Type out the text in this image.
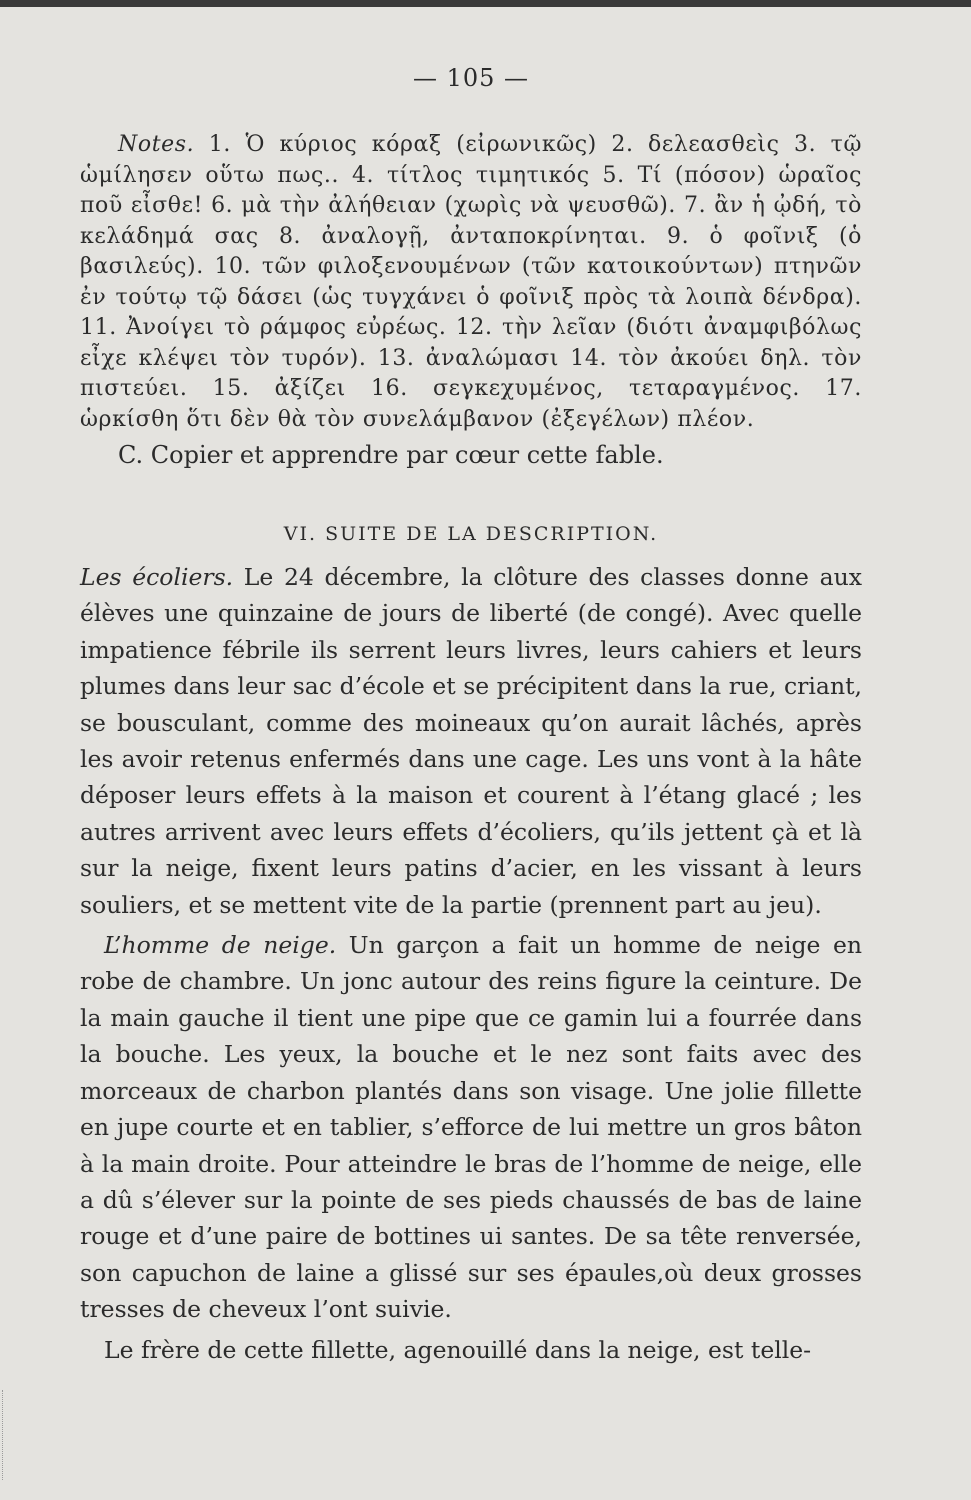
— 105 —

Notes. 1. Ὁ κύριος κόραξ (εἰρωνικῶς) 2. δελεασθεὶς 3. τῷ ὡμίλησεν οὕτω πως.. 4. τίτλος τιμητικός 5. Τί (πόσον) ὡραῖος ποῦ εἶσθε! 6. μὰ τὴν ἀλήθειαν (χωρὶς νὰ ψευσθῶ). 7. ἂν ἡ ᾠδή, τὸ κελάδημά σας 8. ἀναλογῇ, ἀνταποκρίνηται. 9. ὁ φοῖνιξ (ὁ βασιλεύς). 10. τῶν φιλοξενουμένων (τῶν κατοικούντων) πτηνῶν ἐν τούτῳ τῷ δάσει (ὡς τυγχάνει ὁ φοῖνιξ πρὸς τὰ λοιπὰ δένδρα). 11. Ἀνοίγει τὸ ράμφος εὐρέως. 12. τὴν λεῖαν (διότι ἀναμφιβόλως εἶχε κλέψει τὸν τυρόν). 13. ἀναλώμασι 14. τὸν ἀκούει δηλ. τὸν πιστεύει. 15. ἀξίζει 16. σεγκεχυμένος, τεταραγμένος. 17. ὡρκίσθη ὅτι δὲν θὰ τὸν συνελάμβανον (ἐξεγέλων) πλέον.

C. Copier et apprendre par cœur cette fable.

VI. SUITE DE LA DESCRIPTION.

Les écoliers. Le 24 décembre, la clôture des classes donne aux élèves une quinzaine de jours de liberté (de congé). Avec quelle impatience fébrile ils serrent leurs livres, leurs cahiers et leurs plumes dans leur sac d’école et se précipitent dans la rue, criant, se bousculant, comme des moineaux qu’on aurait lâchés, après les avoir retenus enfermés dans une cage. Les uns vont à la hâte déposer leurs effets à la maison et courent à l’étang glacé ; les autres arrivent avec leurs effets d’écoliers, qu’ils jettent çà et là sur la neige, fixent leurs patins d’acier, en les vissant à leurs souliers, et se mettent vite de la partie (prennent part au jeu).

L’homme de neige. Un garçon a fait un homme de neige en robe de chambre. Un jonc autour des reins figure la ceinture. De la main gauche il tient une pipe que ce gamin lui a fourrée dans la bouche. Les yeux, la bouche et le nez sont faits avec des morceaux de charbon plantés dans son visage. Une jolie fillette en jupe courte et en tablier, s’efforce de lui mettre un gros bâton à la main droite. Pour atteindre le bras de l’homme de neige, elle a dû s’élever sur la pointe de ses pieds chaussés de bas de laine rouge et d’une paire de bottines ui santes. De sa tête renversée, son capuchon de laine a glissé sur ses épaules,où deux grosses tresses de cheveux l’ont suivie.

Le frère de cette fillette, agenouillé dans la neige, est telle-
